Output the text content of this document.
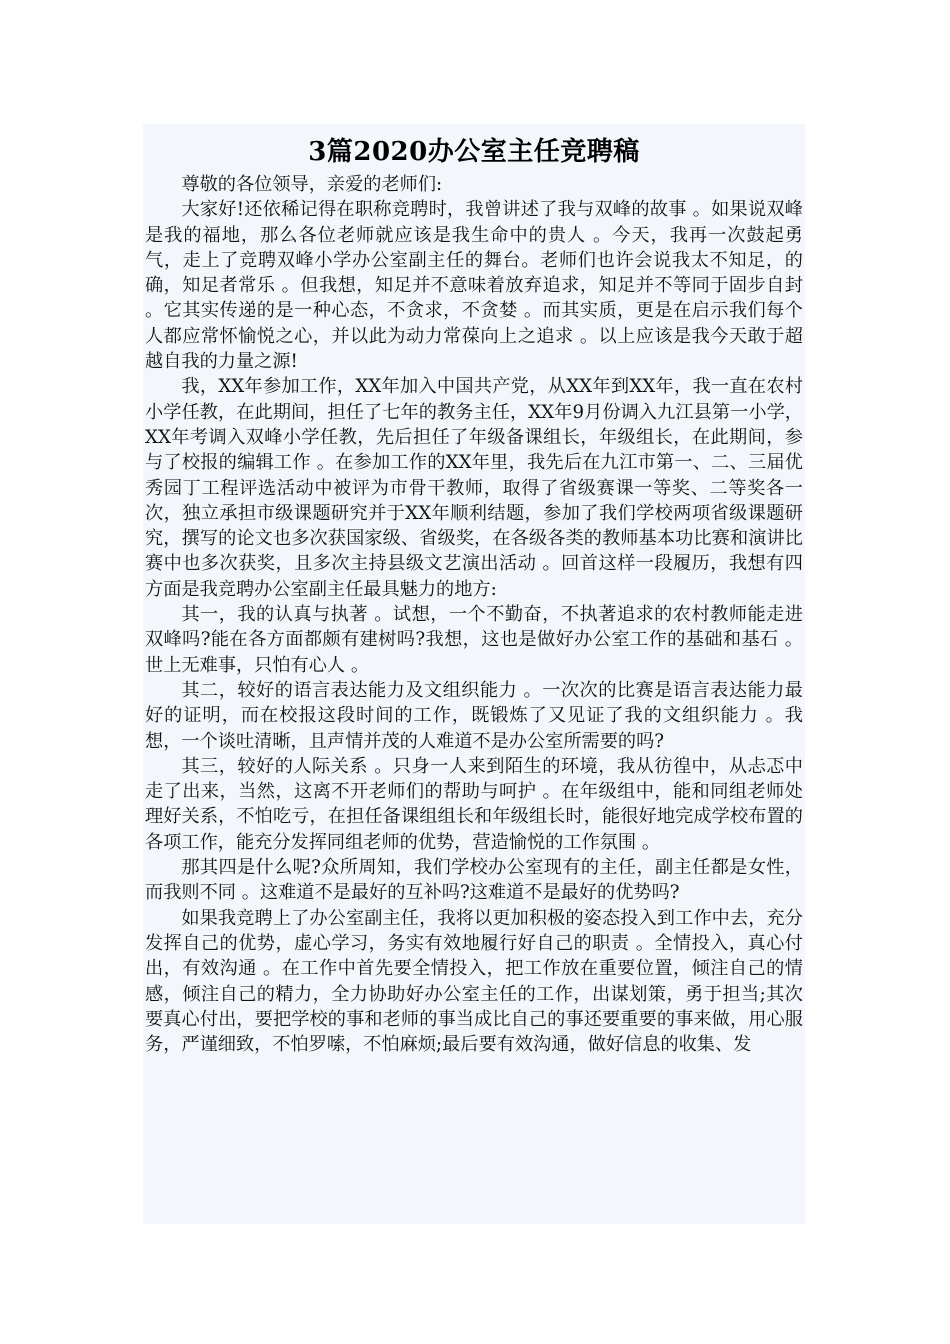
3篇2020办公室主任竞聘稿

尊敬的各位领导，亲爱的老师们:

大家好!还依稀记得在职称竞聘时，我曾讲述了我与双峰的故事 。如果说双峰是我的福地，那么各位老师就应该是我生命中的贵人 。今天，我再一次鼓起勇气，走上了竞聘双峰小学办公室副主任的舞台。老师们也许会说我太不知足，的确，知足者常乐 。但我想，知足并不意味着放弃追求，知足并不等同于固步自封 。它其实传递的是一种心态，不贪求，不贪婪 。而其实质，更是在启示我们每个人都应常怀愉悦之心，并以此为动力常葆向上之追求 。以上应该是我今天敢于超越自我的力量之源!

我，XX年参加工作，XX年加入中国共产党，从XX年到XX年，我一直在农村小学任教，在此期间，担任了七年的教务主任，XX年9月份调入九江县第一小学，XX年考调入双峰小学任教，先后担任了年级备课组长，年级组长，在此期间，参与了校报的编辑工作 。在参加工作的XX年里，我先后在九江市第一、二、三届优秀园丁工程评选活动中被评为市骨干教师，取得了省级赛课一等奖、二等奖各一次，独立承担市级课题研究并于XX年顺利结题，参加了我们学校两项省级课题研究，撰写的论文也多次获国家级、省级奖，在各级各类的教师基本功比赛和演讲比赛中也多次获奖，且多次主持县级文艺演出活动 。回首这样一段履历，我想有四方面是我竞聘办公室副主任最具魅力的地方:

其一，我的认真与执著 。试想，一个不勤奋，不执著追求的农村教师能走进双峰吗?能在各方面都颇有建树吗?我想，这也是做好办公室工作的基础和基石 。世上无难事，只怕有心人 。

其二，较好的语言表达能力及文组织能力 。一次次的比赛是语言表达能力最好的证明，而在校报这段时间的工作，既锻炼了又见证了我的文组织能力 。我想，一个谈吐清晰，且声情并茂的人难道不是办公室所需要的吗?

其三，较好的人际关系 。只身一人来到陌生的环境，我从彷徨中，从忐忑中走了出来，当然，这离不开老师们的帮助与呵护 。在年级组中，能和同组老师处理好关系，不怕吃亏，在担任备课组组长和年级组长时，能很好地完成学校布置的各项工作，能充分发挥同组老师的优势，营造愉悦的工作氛围 。

那其四是什么呢?众所周知，我们学校办公室现有的主任，副主任都是女性，而我则不同 。这难道不是最好的互补吗?这难道不是最好的优势吗?

如果我竞聘上了办公室副主任，我将以更加积极的姿态投入到工作中去，充分发挥自己的优势，虚心学习，务实有效地履行好自己的职责 。全情投入，真心付出，有效沟通 。在工作中首先要全情投入，把工作放在重要位置，倾注自己的情感，倾注自己的精力，全力协助好办公室主任的工作，出谋划策，勇于担当;其次要真心付出，要把学校的事和老师的事当成比自己的事还要重要的事来做，用心服务，严谨细致，不怕罗嗦，不怕麻烦;最后要有效沟通，做好信息的收集、发
